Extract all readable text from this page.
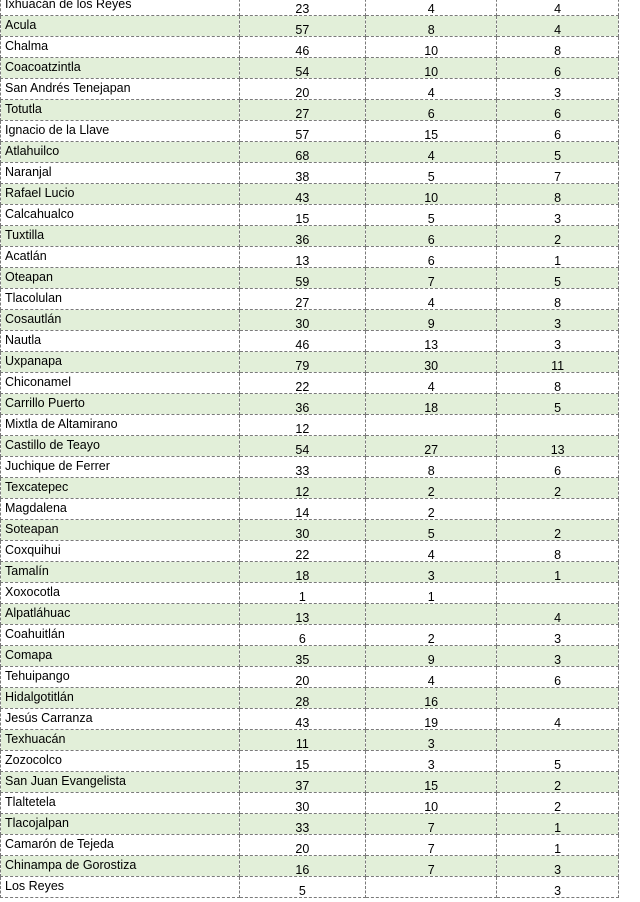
Ixhuacán de los Reyes	23	4	4
Acula	57	8	4
Chalma	46	10	8
Coacoatzintla	54	10	6
San Andrés Tenejapan	20	4	3
Totutla	27	6	6
Ignacio de la Llave	57	15	6
Atlahuilco	68	4	5
Naranjal	38	5	7
Rafael Lucio	43	10	8
Calcahualco	15	5	3
Tuxtilla	36	6	2
Acatlán	13	6	1
Oteapan	59	7	5
Tlacolulan	27	4	8
Cosautlán	30	9	3
Nautla	46	13	3
Uxpanapa	79	30	11
Chiconamel	22	4	8
Carrillo Puerto	36	18	5
Mixtla de Altamirano	12		
Castillo de Teayo	54	27	13
Juchique de Ferrer	33	8	6
Texcatepec	12	2	2
Magdalena	14	2	
Soteapan	30	5	2
Coxquihui	22	4	8
Tamalín	18	3	1
Xoxocotla	1	1	
Alpatláhuac	13		4
Coahuitlán	6	2	3
Comapa	35	9	3
Tehuipango	20	4	6
Hidalgotitlán	28	16	
Jesús Carranza	43	19	4
Texhuacán	11	3	
Zozocolco	15	3	5
San Juan Evangelista	37	15	2
Tlaltetela	30	10	2
Tlacojalpan	33	7	1
Camarón de Tejeda	20	7	1
Chinampa de Gorostiza	16	7	3
Los Reyes	5		3
